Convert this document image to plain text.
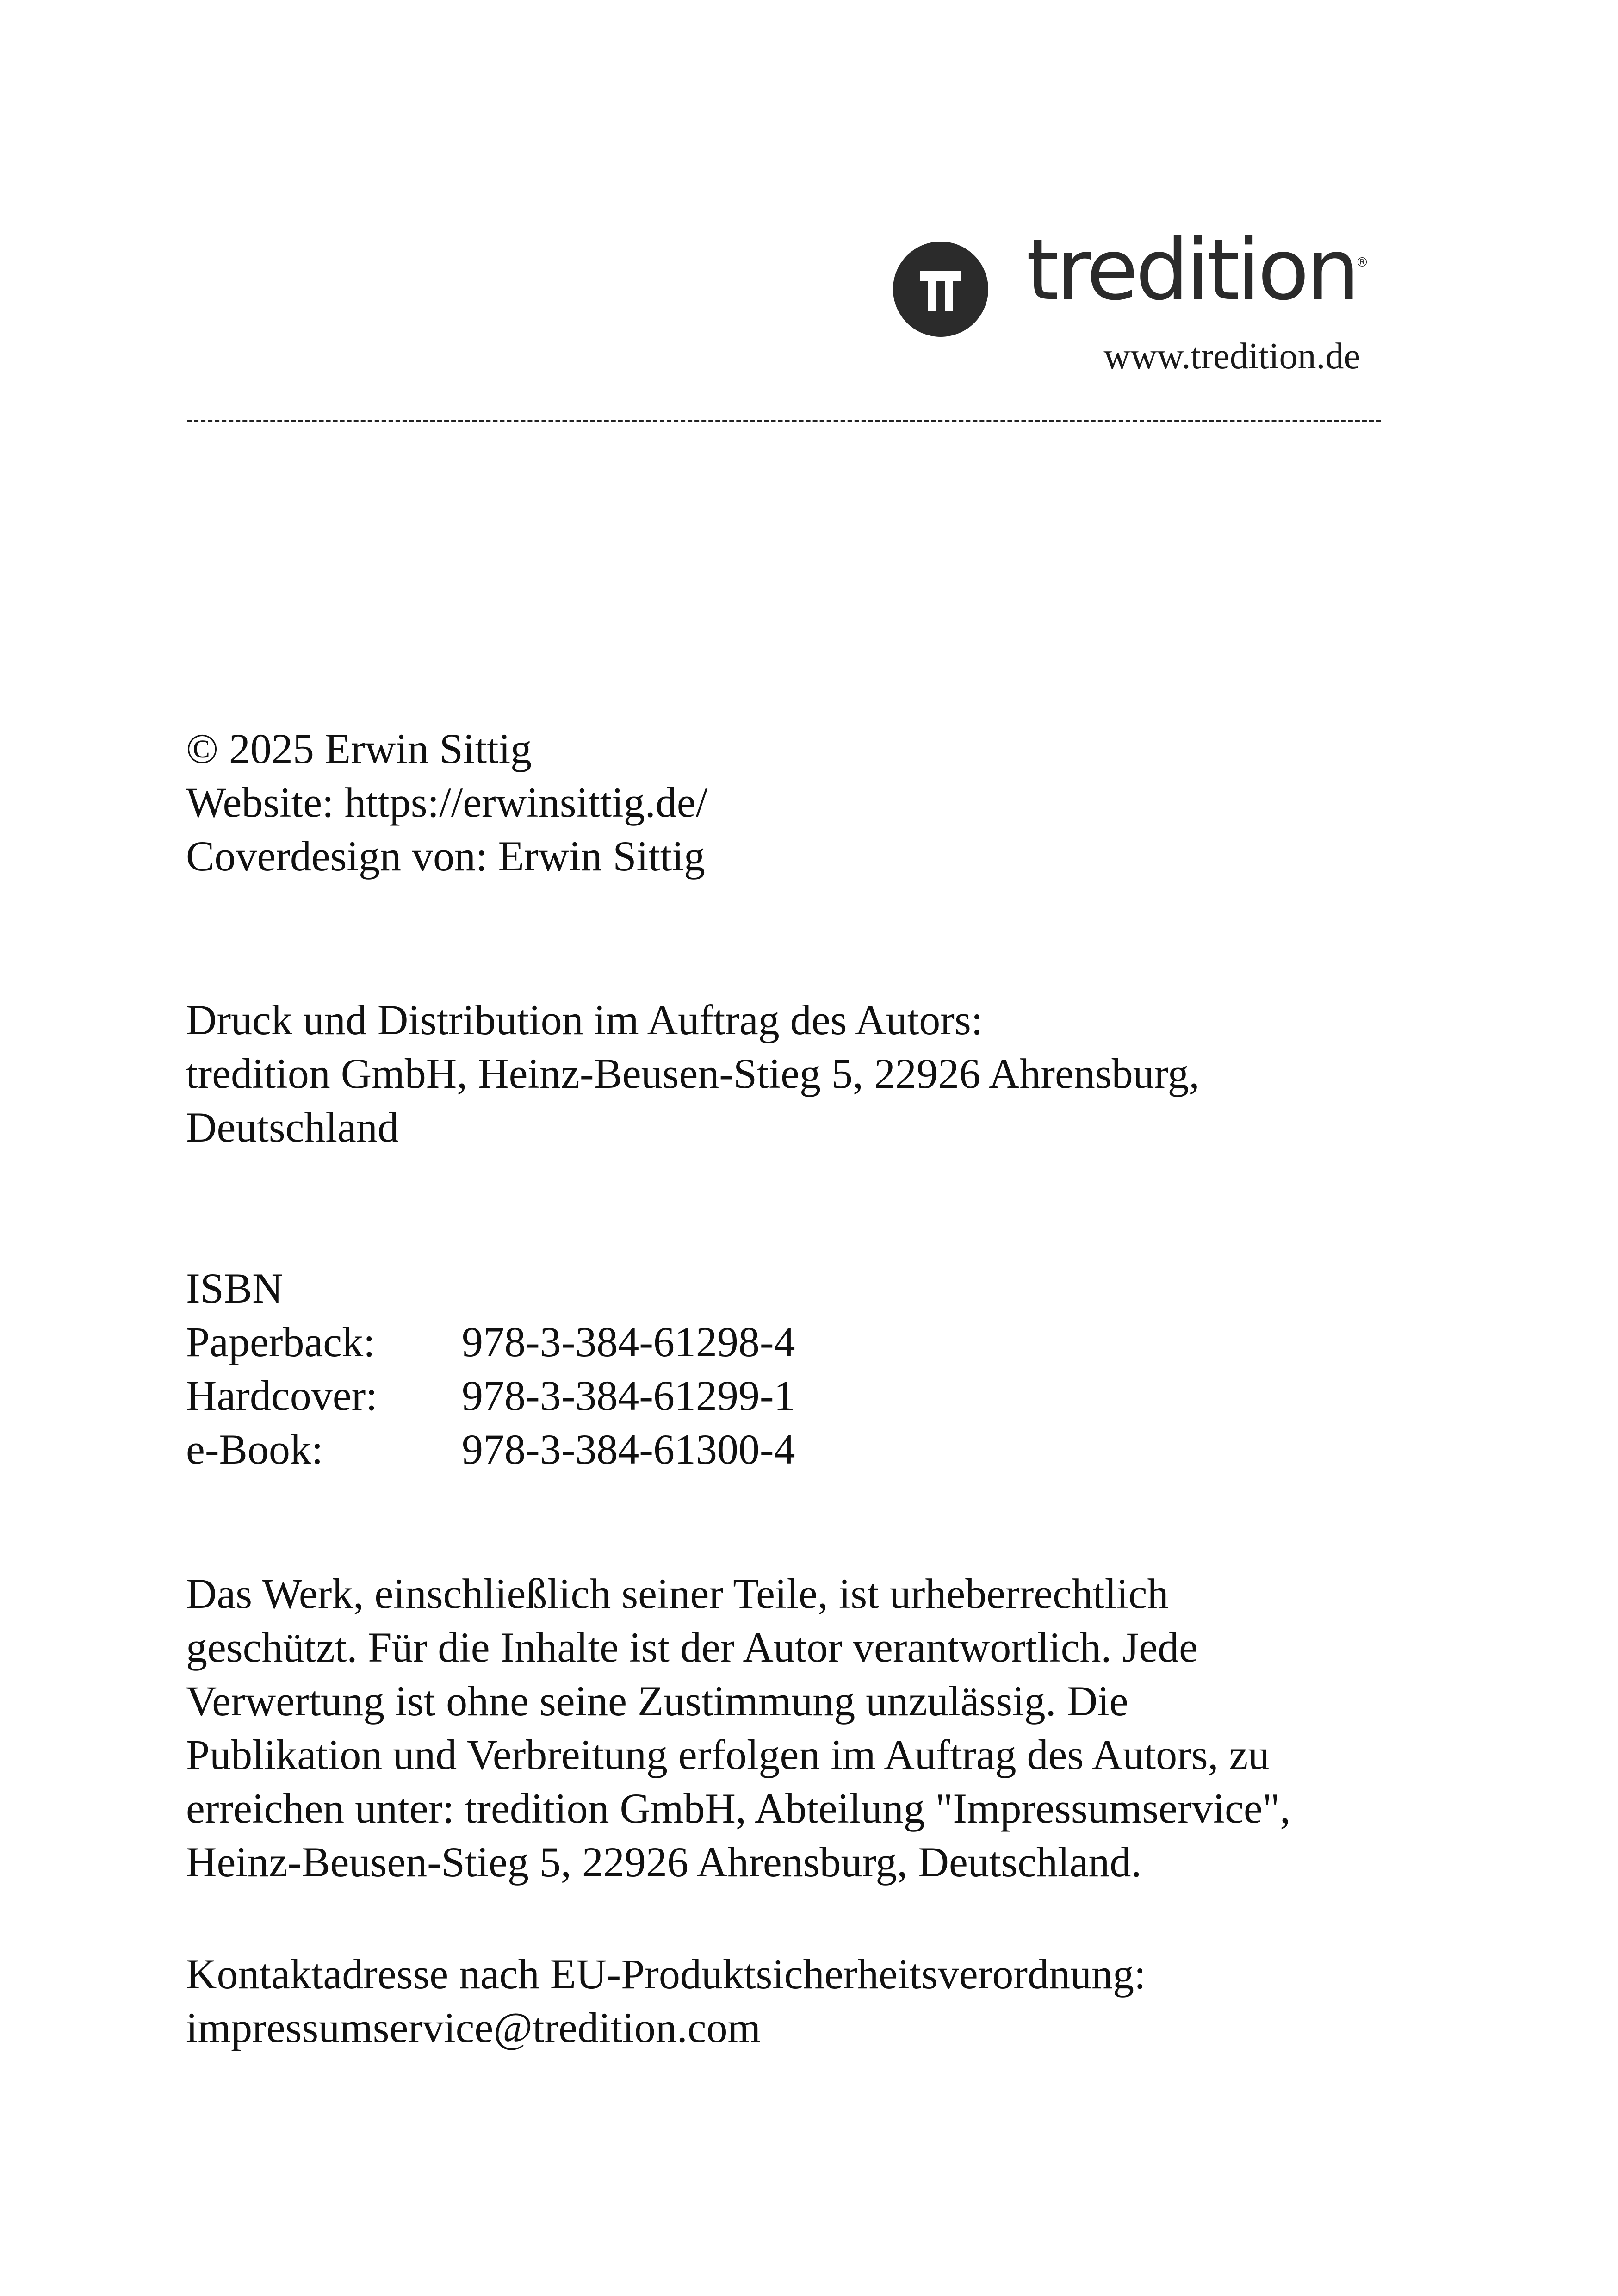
tredition
®
www.tredition.de
© 2025 Erwin Sittig
Website: https://erwinsittig.de/
Coverdesign von: Erwin Sittig
Druck und Distribution im Auftrag des Autors:
tredition GmbH, Heinz-Beusen-Stieg 5, 22926 Ahrensburg,
Deutschland
ISBN
Paperback: 978-3-384-61298-4
Hardcover: 978-3-384-61299-1
e-Book:	978-3-384-61300-4
Das Werk, einschließlich seiner Teile, ist urheberrechtlich
geschützt. Für die Inhalte ist der Autor verantwortlich. Jede
Verwertung ist ohne seine Zustimmung unzulässig. Die
Publikation und Verbreitung erfolgen im Auftrag des Autors, zu
erreichen unter: tredition GmbH, Abteilung "Impressumservice",
Heinz-Beusen-Stieg 5, 22926 Ahrensburg, Deutschland.
Kontaktadresse nach EU-Produktsicherheitsverordnung:
impressumservice@tredition.com
